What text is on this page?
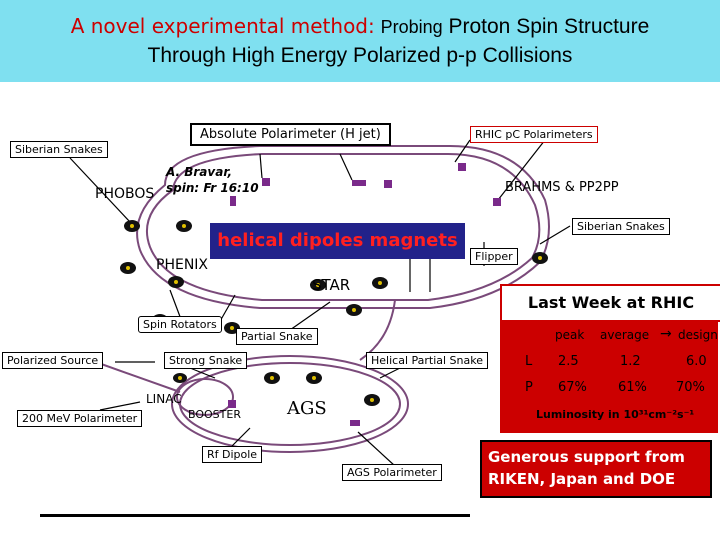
A novel experimental method: Probing Proton Spin Structure
Through High Energy Polarized p-p Collisions
Siberian Snakes
Absolute Polarimeter (H jet)	RHIC pC Polarimeters
PHOBOS
A. Bravar,
spin: Fr 16:10	BRAHMS & PP2PP
Siberian Snakes
helical dipoles magnets
Flipper
PHENIX
STAR
Spin Rotators
Partial Snake
Polarized Source	Strong Snake	Helical Partial Snake
LINAC
BOOSTER	AGS
200 MeV Polarimeter
Rf Dipole
AGS Polarimeter
Last Week at RHIC
peak average → design
L 2.5	1.2	6.0
P 67% 61% 70%
Luminosity in 10³¹cm⁻²s⁻¹
Generous support from
RIKEN, Japan and DOE
